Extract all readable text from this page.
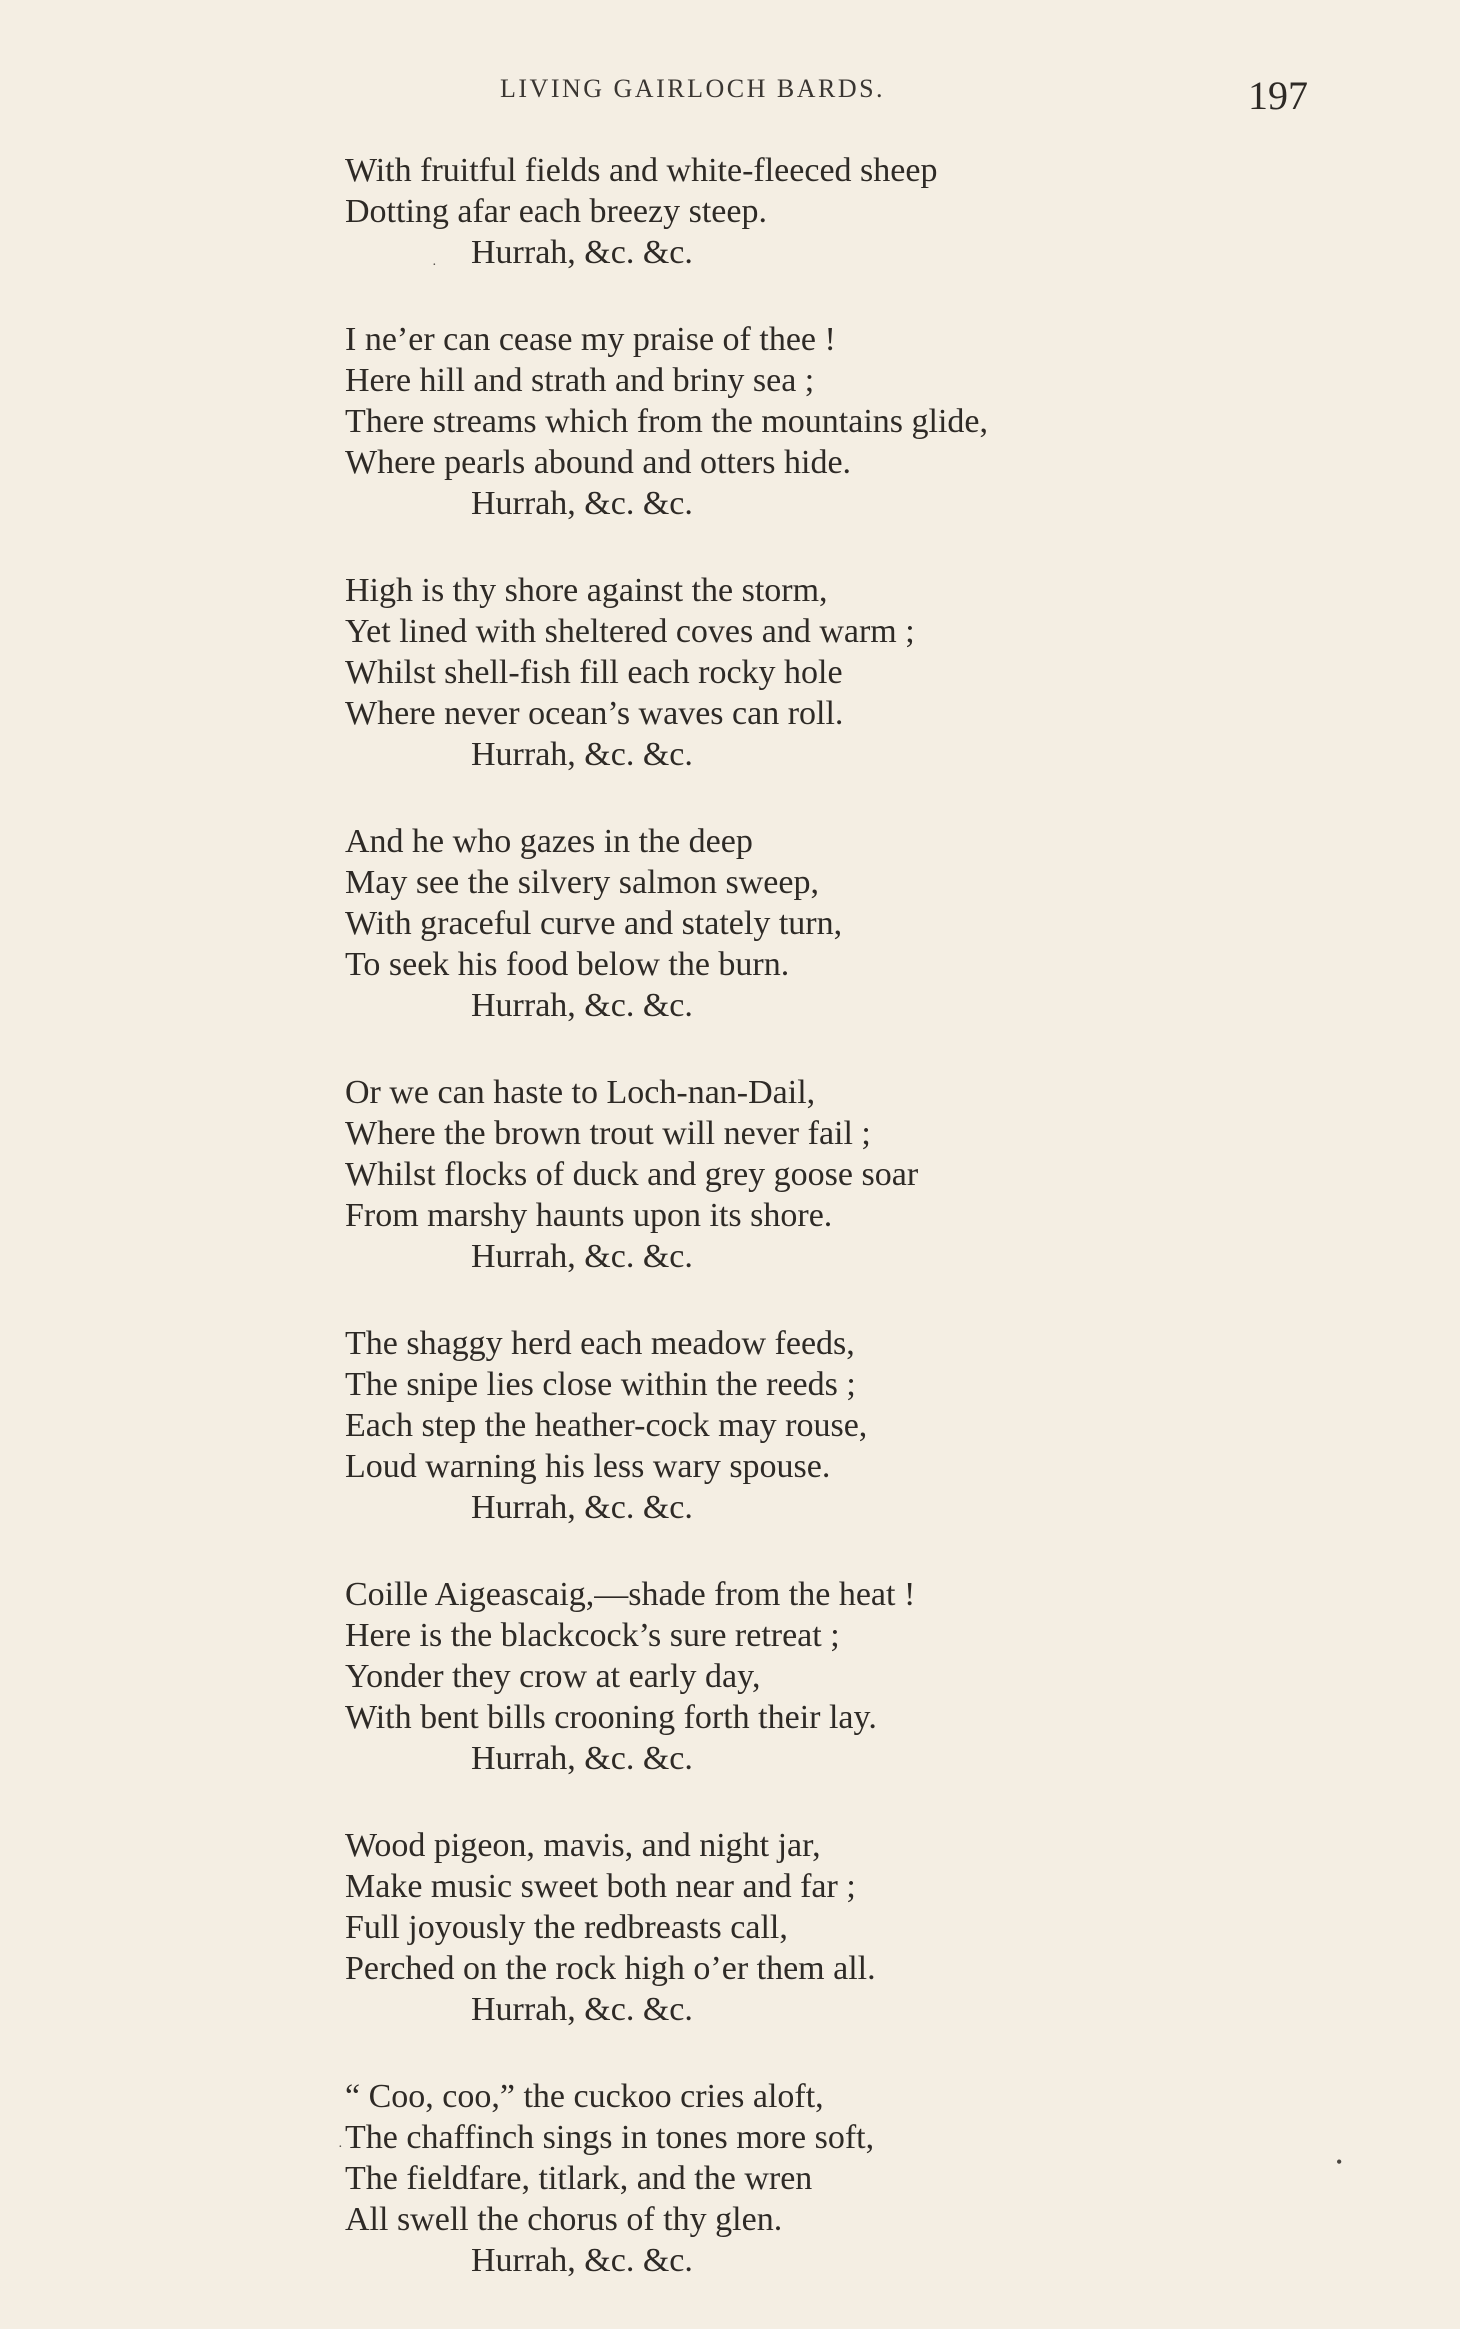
LIVING GAIRLOCH BARDS.	197
With fruitful fields and white-fleeced sheep
Dotting afar each breezy steep.
Hurrah, &c. &c.
I ne’er can cease my praise of thee !
Here hill and strath and briny sea ;
There streams which from the mountains glide,
Where pearls abound and otters hide.
Hurrah, &c. &c.
High is thy shore against the storm,
Yet lined with sheltered coves and warm ;
Whilst shell-fish fill each rocky hole
Where never ocean’s waves can roll.
Hurrah, &c. &c.
And he who gazes in the deep
May see the silvery salmon sweep,
With graceful curve and stately turn,
To seek his food below the burn.
Hurrah, &c. &c.
Or we can haste to Loch-nan-Dail,
Where the brown trout will never fail ;
Whilst flocks of duck and grey goose soar
From marshy haunts upon its shore.
Hurrah, &c. &c.
The shaggy herd each meadow feeds,
The snipe lies close within the reeds ;
Each step the heather-cock may rouse,
Loud warning his less wary spouse.
Hurrah, &c. &c.
Coille Aigeascaig,—shade from the heat !
Here is the blackcock’s sure retreat ;
Yonder they crow at early day,
With bent bills crooning forth their lay.
Hurrah, &c. &c.
Wood pigeon, mavis, and night jar,
Make music sweet both near and far ;
Full joyously the redbreasts call,
Perched on the rock high o’er them all.
Hurrah, &c. &c.
“ Coo, coo,” the cuckoo cries aloft,
The chaffinch sings in tones more soft,
The fieldfare, titlark, and the wren
All swell the chorus of thy glen.
Hurrah, &c. &c.
·
·
•
